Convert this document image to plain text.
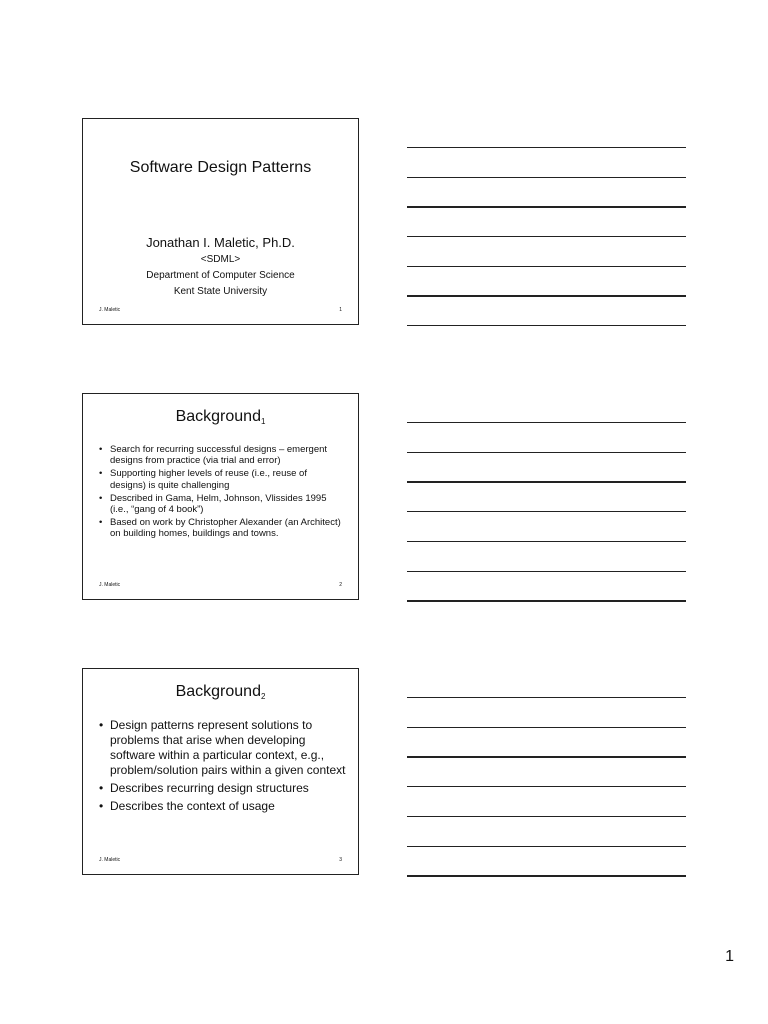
Software Design Patterns
Jonathan I. Maletic, Ph.D.
<SDML>
Department of Computer Science
Kent State University
J. Maletic	1
Background$_1$
• Search for recurring successful designs – emergent designs from practice (via trial and error)
• Supporting higher levels of reuse (i.e., reuse of designs) is quite challenging
• Described in Gama, Helm, Johnson, Vlissides 1995 (i.e., “gang of 4 book”)
• Based on work by Christopher Alexander (an Architect) on building homes, buildings and towns.
J. Maletic	2
Background$_2$
• Design patterns represent solutions to problems that arise when developing software within a particular context, e.g., problem/solution pairs within a given context
• Describes recurring design structures
• Describes the context of usage
J. Maletic	3
1
